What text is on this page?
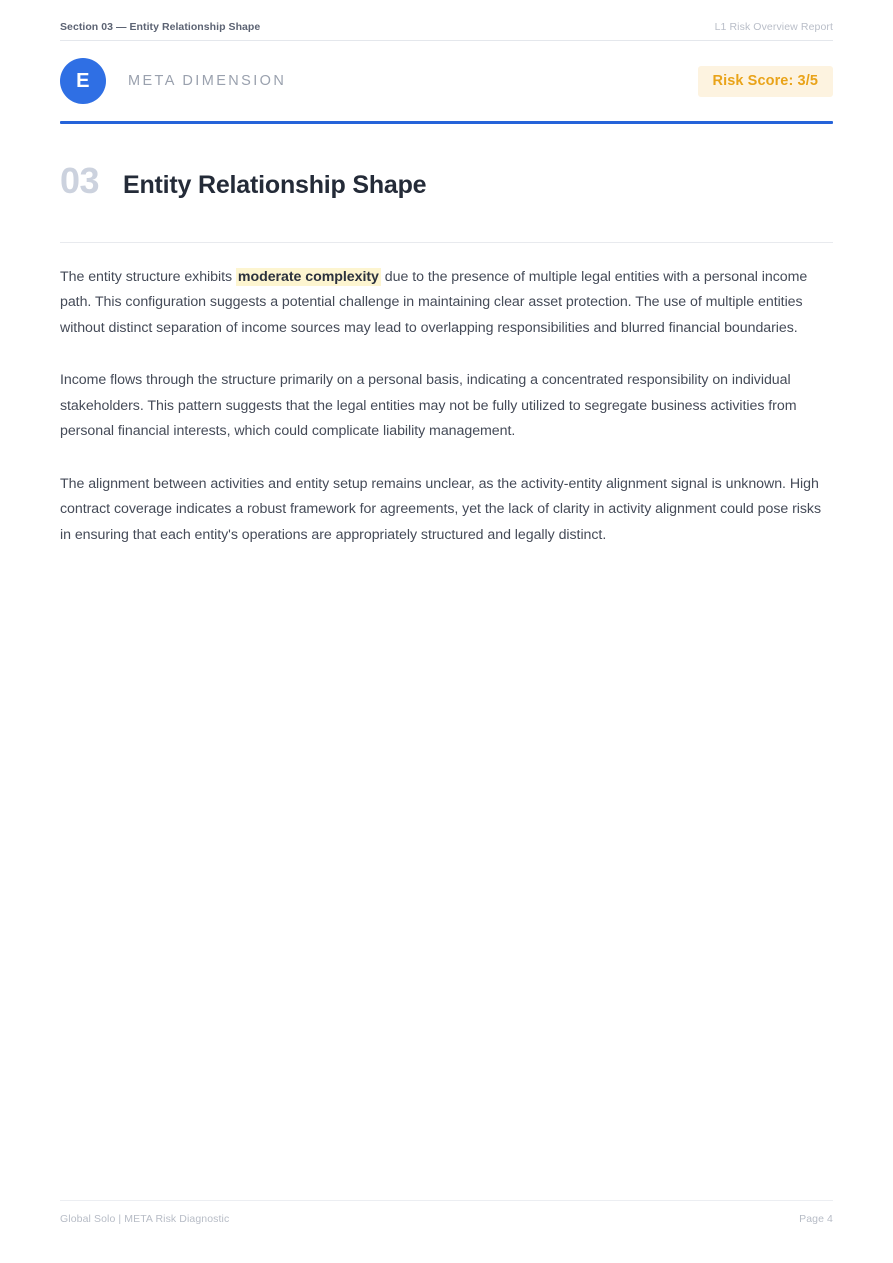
Section 03 — Entity Relationship Shape	L1 Risk Overview Report
E	META DIMENSION	Risk Score: 3/5
03 Entity Relationship Shape

The entity structure exhibits moderate complexity due to the presence of multiple legal entities with a personal income path. This configuration suggests a potential challenge in maintaining clear asset protection. The use of multiple entities without distinct separation of income sources may lead to overlapping responsibilities and blurred financial boundaries.

Income flows through the structure primarily on a personal basis, indicating a concentrated responsibility on individual stakeholders. This pattern suggests that the legal entities may not be fully utilized to segregate business activities from personal financial interests, which could complicate liability management.

The alignment between activities and entity setup remains unclear, as the activity-entity alignment signal is unknown. High contract coverage indicates a robust framework for agreements, yet the lack of clarity in activity alignment could pose risks in ensuring that each entity's operations are appropriately structured and legally distinct.

Global Solo | META Risk Diagnostic	Page 4
